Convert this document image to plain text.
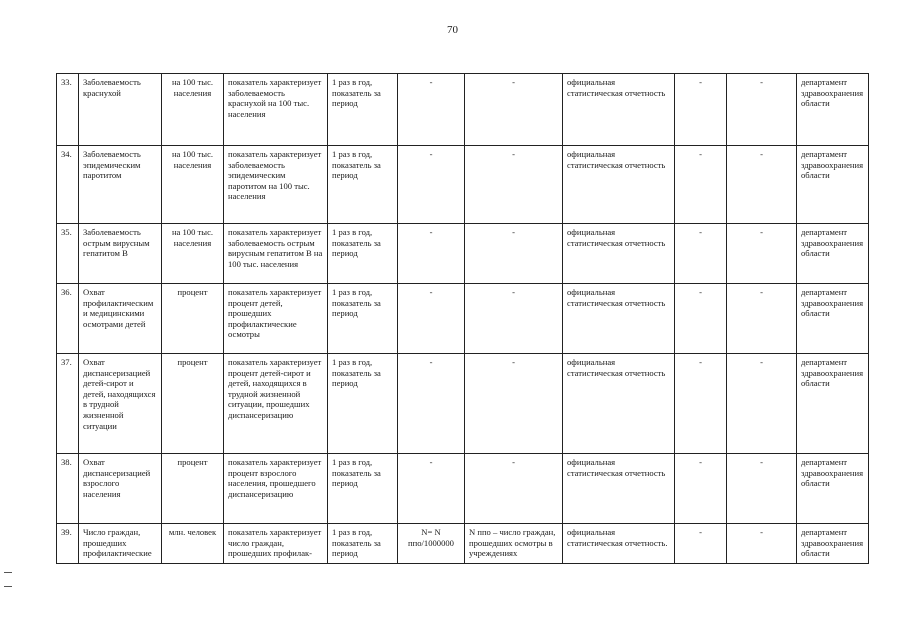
70
33.	Заболеваемость краснухой	на 100 тыс. населения	показатель характеризует заболеваемость краснухой на 100 тыс. населения	1 раз в год, показатель за период	-	-	официальная статистическая отчетность	-	-	департамент здравоохранения области
34.	Заболеваемость эпидемическим паротитом	на 100 тыс. населения	показатель характеризует заболеваемость эпидемическим паротитом на 100 тыс. населения	1 раз в год, показатель за период	-	-	официальная статистическая отчетность	-	-	департамент здравоохранения области
35.	Заболеваемость острым вирусным гепатитом В	на 100 тыс. населения	показатель характеризует заболеваемость острым вирусным гепатитом В на 100 тыс. населения	1 раз в год, показатель за период	-	-	официальная статистическая отчетность	-	-	департамент здравоохранения области
36.	Охват профилактическими медицинскими осмотрами детей	процент	показатель характеризует процент детей, прошедших профилактические осмотры	1 раз в год, показатель за период	-	-	официальная статистическая отчетность	-	-	департамент здравоохранения области
37.	Охват диспансеризацией детей-сирот и детей, находящихся в трудной жизненной ситуации	процент	показатель характеризует процент детей-сирот и детей, находящихся в трудной жизненной ситуации, прошедших диспансеризацию	1 раз в год, показатель за период	-	-	официальная статистическая отчетность	-	-	департамент здравоохранения области
38.	Охват диспансеризацией взрослого населения	процент	показатель характеризует процент взрослого населения, прошедшего диспансеризацию	1 раз в год, показатель за период	-	-	официальная статистическая отчетность	-	-	департамент здравоохранения области
39.	Число граждан, прошедших профилактические	млн. человек	показатель характеризует число граждан, прошедших профилак-	1 раз в год, показатель за период	N= N ппо/1000000	N ппо – число граждан, прошедших осмотры в учреждениях	официальная статистическая отчетность.	-	-	департамент здравоохранения области
